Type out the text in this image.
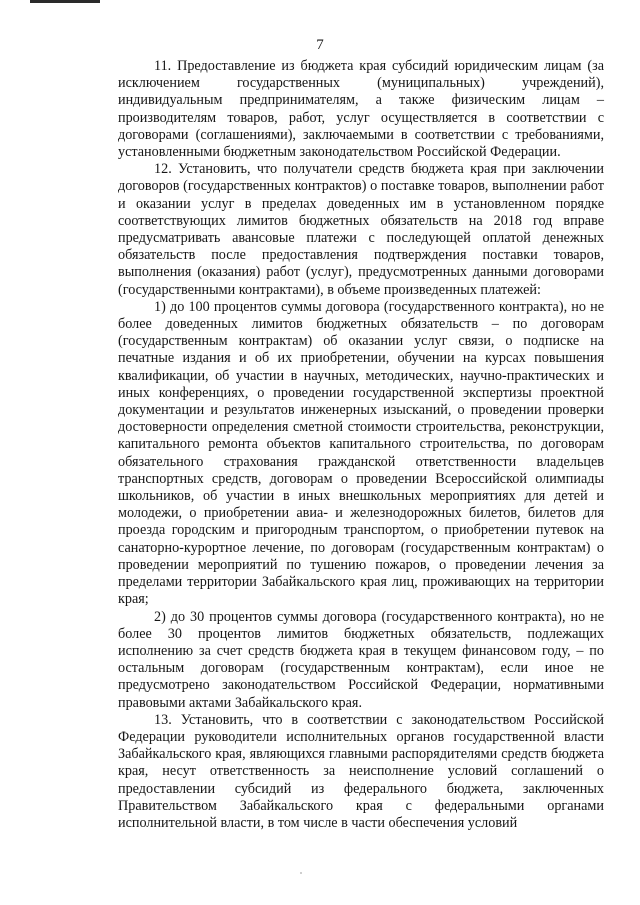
7

11. Предоставление из бюджета края субсидий юридическим лицам (за исключением государственных (муниципальных) учреждений), индивидуальным предпринимателям, а также физическим лицам – производителям товаров, работ, услуг осуществляется в соответствии с договорами (соглашениями), заключаемыми в соответствии с требованиями, установленными бюджетным законодательством Российской Федерации.

12. Установить, что получатели средств бюджета края при заключении договоров (государственных контрактов) о поставке товаров, выполнении работ и оказании услуг в пределах доведенных им в установленном порядке соответствующих лимитов бюджетных обязательств на 2018 год вправе предусматривать авансовые платежи с последующей оплатой денежных обязательств после предоставления подтверждения поставки товаров, выполнения (оказания) работ (услуг), предусмотренных данными договорами (государственными контрактами), в объеме произведенных платежей:

1) до 100 процентов суммы договора (государственного контракта), но не более доведенных лимитов бюджетных обязательств – по договорам (государственным контрактам) об оказании услуг связи, о подписке на печатные издания и об их приобретении, обучении на курсах повышения квалификации, об участии в научных, методических, научно-практических и иных конференциях, о проведении государственной экспертизы проектной документации и результатов инженерных изысканий, о проведении проверки достоверности определения сметной стоимости строительства, реконструкции, капитального ремонта объектов капитального строительства, по договорам обязательного страхования гражданской ответственности владельцев транспортных средств, договорам о проведении Всероссийской олимпиады школьников, об участии в иных внешкольных мероприятиях для детей и молодежи, о приобретении авиа- и железнодорожных билетов, билетов для проезда городским и пригородным транспортом, о приобретении путевок на санаторно-курортное лечение, по договорам (государственным контрактам) о проведении мероприятий по тушению пожаров, о проведении лечения за пределами территории Забайкальского края лиц, проживающих на территории края;

2) до 30 процентов суммы договора (государственного контракта), но не более 30 процентов лимитов бюджетных обязательств, подлежащих исполнению за счет средств бюджета края в текущем финансовом году, – по остальным договорам (государственным контрактам), если иное не предусмотрено законодательством Российской Федерации, нормативными правовыми актами Забайкальского края.

13. Установить, что в соответствии с законодательством Российской Федерации руководители исполнительных органов государственной власти Забайкальского края, являющихся главными распорядителями средств бюджета края, несут ответственность за неисполнение условий соглашений о предоставлении субсидий из федерального бюджета, заключенных Правительством Забайкальского края с федеральными органами исполнительной власти, в том числе в части обеспечения условий
